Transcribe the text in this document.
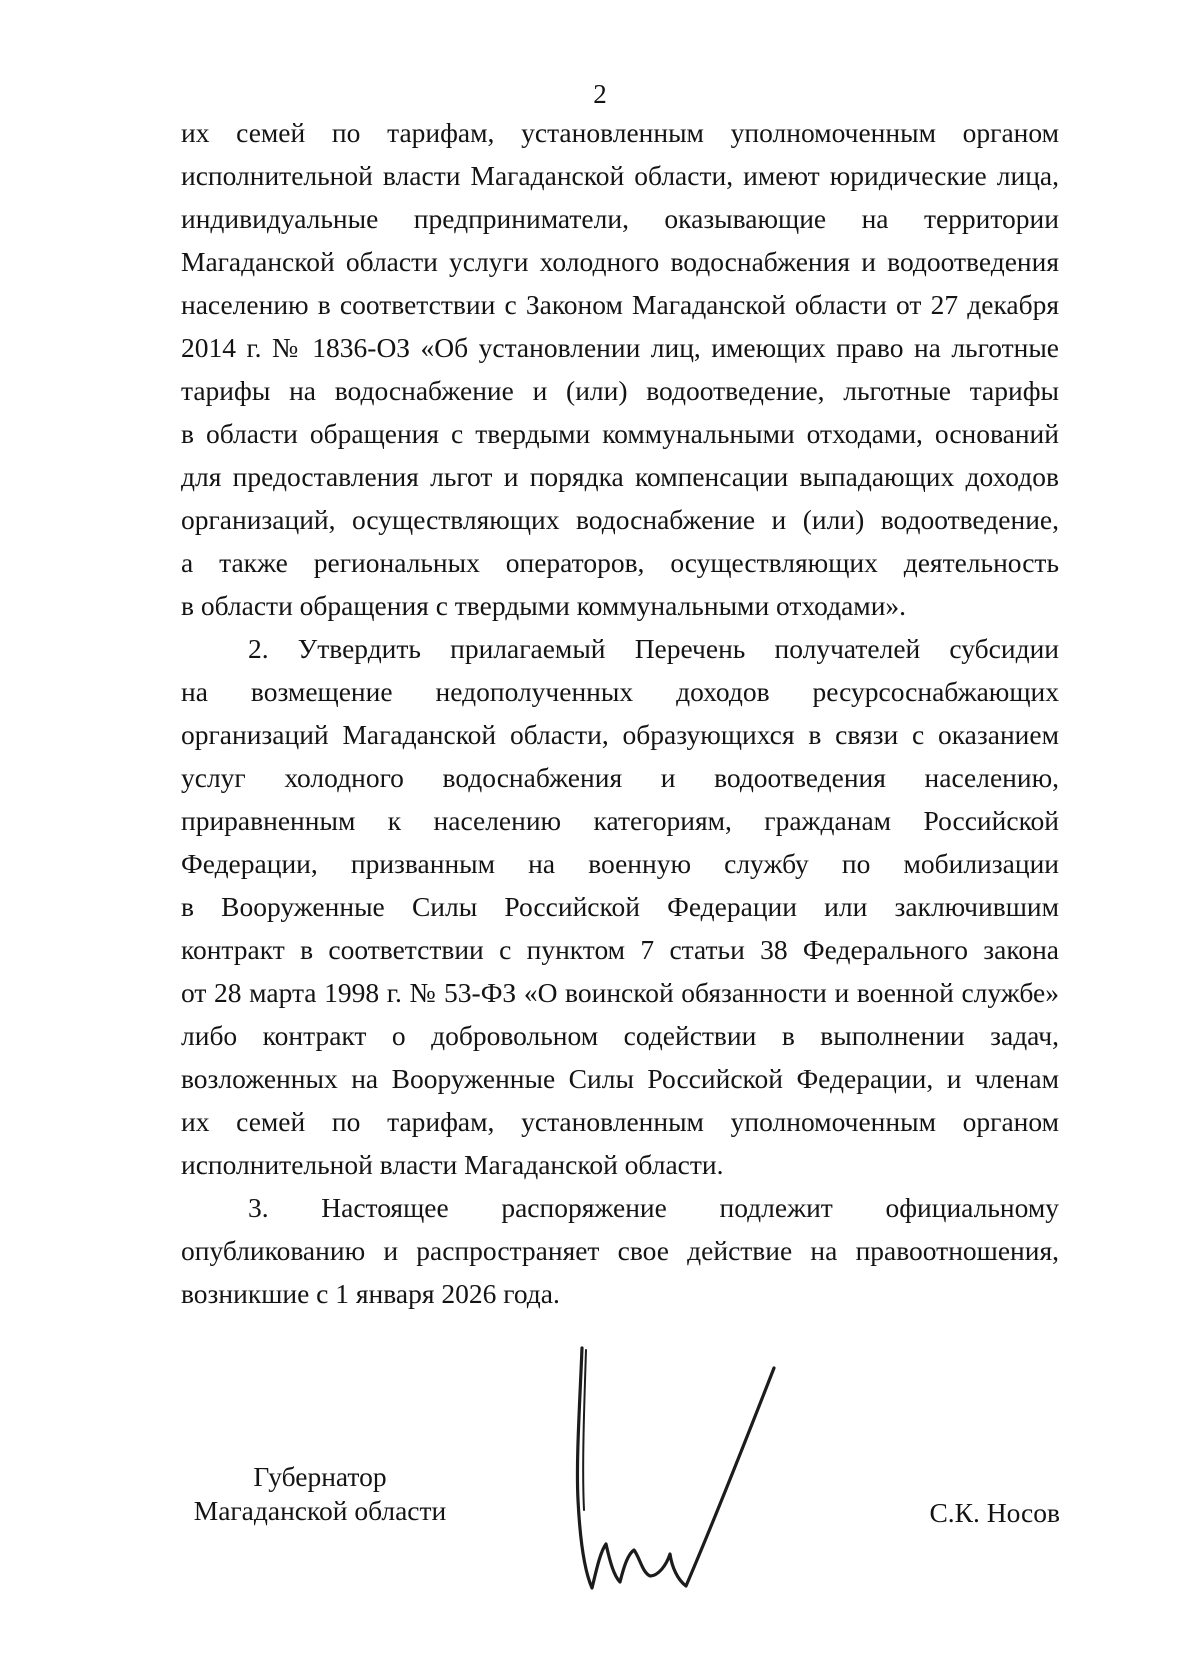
2
их семей по тарифам, установленным уполномоченным органом
исполнительной власти Магаданской области, имеют юридические лица,
индивидуальные предприниматели, оказывающие на территории
Магаданской области услуги холодного водоснабжения и водоотведения
населению в соответствии с Законом Магаданской области от 27 декабря
2014 г. № 1836-ОЗ «Об установлении лиц, имеющих право на льготные
тарифы на водоснабжение и (или) водоотведение, льготные тарифы
в области обращения с твердыми коммунальными отходами, оснований
для предоставления льгот и порядка компенсации выпадающих доходов
организаций, осуществляющих водоснабжение и (или) водоотведение,
а также региональных операторов, осуществляющих деятельность
в области обращения с твердыми коммунальными отходами».
2. Утвердить прилагаемый Перечень получателей субсидии
на возмещение недополученных доходов ресурсоснабжающих
организаций Магаданской области, образующихся в связи с оказанием
услуг холодного водоснабжения и водоотведения населению,
приравненным к населению категориям, гражданам Российской
Федерации, призванным на военную службу по мобилизации
в Вооруженные Силы Российской Федерации или заключившим
контракт в соответствии с пунктом 7 статьи 38 Федерального закона
от 28 марта 1998 г. № 53-ФЗ «О воинской обязанности и военной службе»
либо контракт о добровольном содействии в выполнении задач,
возложенных на Вооруженные Силы Российской Федерации, и членам
их семей по тарифам, установленным уполномоченным органом
исполнительной власти Магаданской области.
3. Настоящее распоряжение подлежит официальному
опубликованию и распространяет свое действие на правоотношения,
возникшие с 1 января 2026 года.
Губернатор
Магаданской области	С.К. Носов
